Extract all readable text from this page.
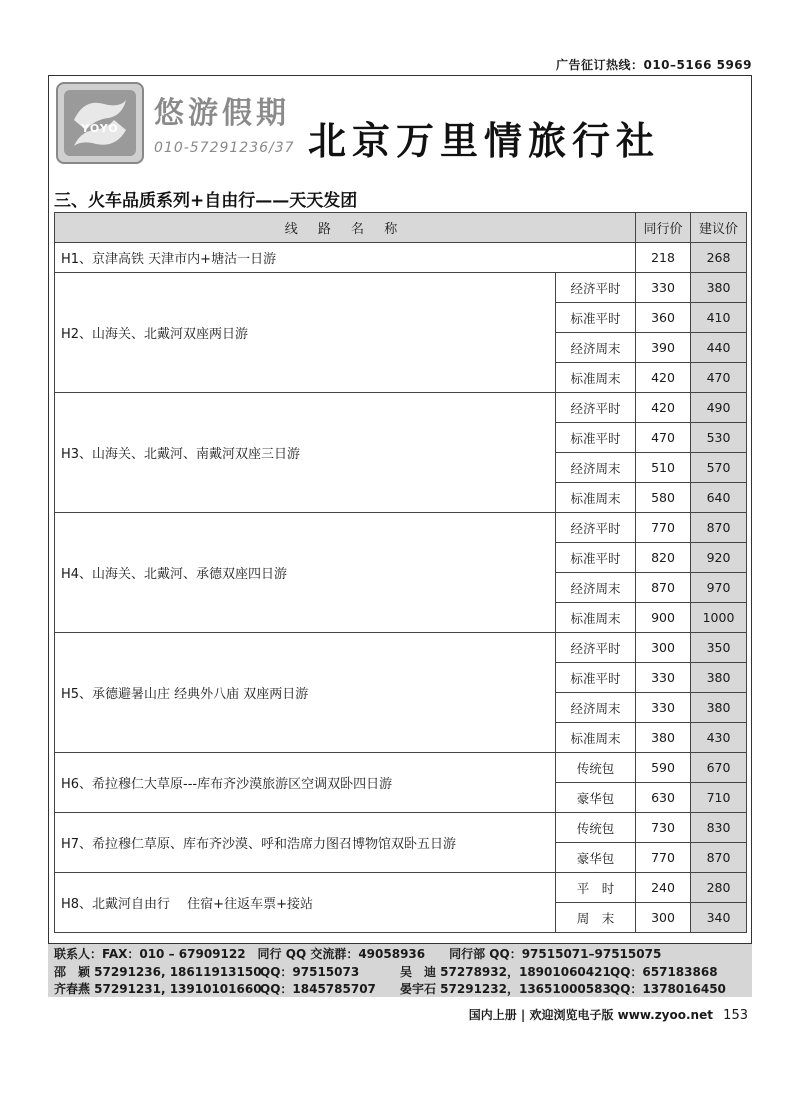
广告征订热线：010–5166 5969
YOYO	悠游假期
010-57291236/37 北京万里情旅行社
三、火车品质系列+自由行——天天发团
线 路 名 称		同行价	建议价
H1、京津高铁 天津市内+塘沽一日游		218	268
H2、山海关、北戴河双座两日游	经济平时	330	380
	标准平时	360	410
	经济周末	390	440
	标准周末	420	470
H3、山海关、北戴河、南戴河双座三日游	经济平时	420	490
	标准平时	470	530
	经济周末	510	570
	标准周末	580	640
H4、山海关、北戴河、承德双座四日游	经济平时	770	870
	标准平时	820	920
	经济周末	870	970
	标准周末	900	1000
H5、承德避暑山庄 经典外八庙 双座两日游	经济平时	300	350
	标准平时	330	380
	经济周末	330	380
	标准周末	380	430
H6、希拉穆仁大草原---库布齐沙漠旅游区空调双卧四日游	传统包	590	670
	豪华包	630	710
H7、希拉穆仁草原、库布齐沙漠、呼和浩席力图召博物馆双卧五日游	传统包	730	830
	豪华包	770	870
H8、北戴河自由行　 住宿+往返车票+接站	平　时	240	280
	周　末	300	340
联系人：FAX：010 – 67909122　同行 QQ 交流群：49058936　　同行部 QQ：97515071–97515075
邵　颖 57291236, 18611913150
QQ：97515073	吴　迪 57278932，18901060421 QQ：657183868
齐春燕 57291231, 13910101660
QQ：1845785707 晏宇石 57291232，13651000583 QQ：1378016450
国内上册 | 欢迎浏览电子版 www.zyoo.net 153
